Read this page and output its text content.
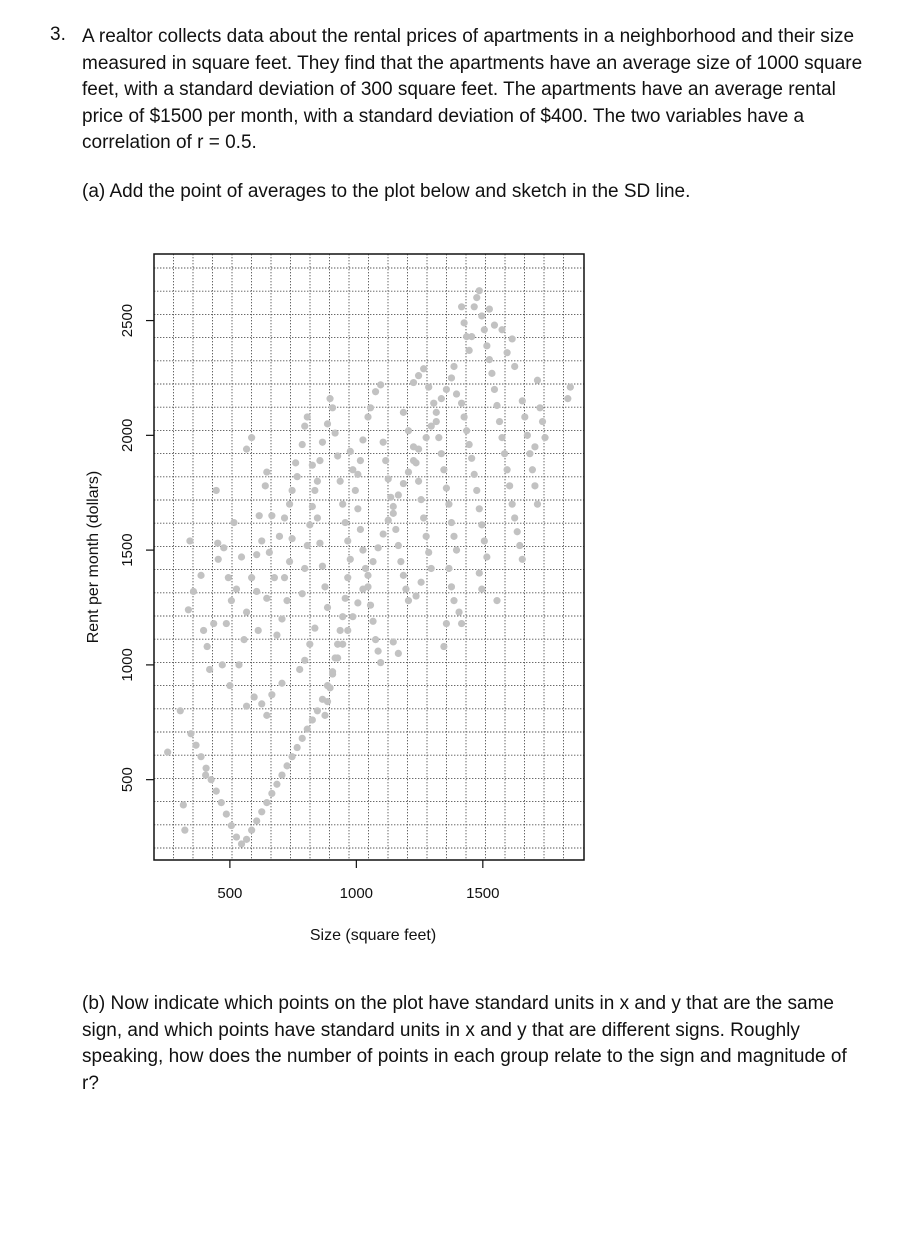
3. A realtor collects data about the rental prices of apartments in a neighborhood and their size measured in square feet. They find that the apartments have an average size of 1000 square feet, with a standard deviation of 300 square feet. The apartments have an average rental price of $1500 per month, with a standard deviation of $400. The two variables have a correlation of r = 0.5.
(a) Add the point of averages to the plot below and sketch in the SD line.
500	1000	1500
500
1000
1500
2000
2500
Size (square feet)
Rent per month (dollars)
(b) Now indicate which points on the plot have standard units in x and y that are the same sign, and which points have standard units in x and y that are different signs. Roughly speaking, how does the number of points in each group relate to the sign and magnitude of r?
